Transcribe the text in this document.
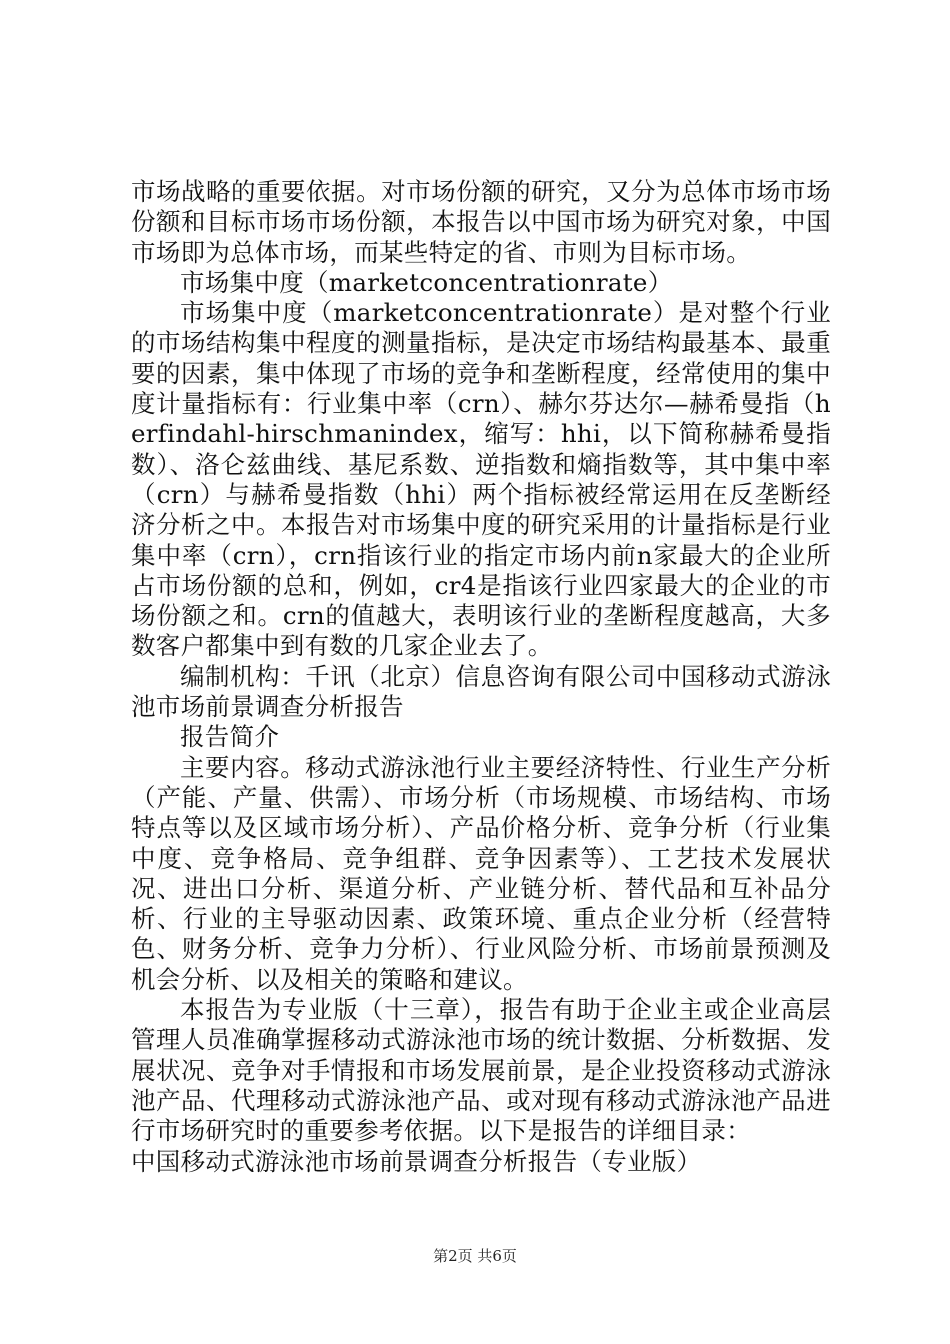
市场战略的重要依据。对市场份额的研究，又分为总体市场市场份额和目标市场市场份额，本报告以中国市场为研究对象，中国市场即为总体市场，而某些特定的省、市则为目标市场。

市场集中度（marketconcentrationrate）

市场集中度（marketconcentrationrate）是对整个行业的市场结构集中程度的测量指标，是决定市场结构最基本、最重要的因素，集中体现了市场的竞争和垄断程度，经常使用的集中度计量指标有：行业集中率（crn）、赫尔芬达尔—赫希曼指（herfindahl-hirschmanindex，缩写：hhi，以下简称赫希曼指数）、洛仑兹曲线、基尼系数、逆指数和熵指数等，其中集中率（crn）与赫希曼指数（hhi）两个指标被经常运用在反垄断经济分析之中。本报告对市场集中度的研究采用的计量指标是行业集中率（crn），crn指该行业的指定市场内前n家最大的企业所占市场份额的总和，例如，cr4是指该行业四家最大的企业的市场份额之和。crn的值越大，表明该行业的垄断程度越高，大多数客户都集中到有数的几家企业去了。

编制机构：千讯（北京）信息咨询有限公司中国移动式游泳池市场前景调查分析报告

报告简介

主要内容。移动式游泳池行业主要经济特性、行业生产分析（产能、产量、供需）、市场分析（市场规模、市场结构、市场特点等以及区域市场分析）、产品价格分析、竞争分析（行业集中度、竞争格局、竞争组群、竞争因素等）、工艺技术发展状况、进出口分析、渠道分析、产业链分析、替代品和互补品分析、行业的主导驱动因素、政策环境、重点企业分析（经营特色、财务分析、竞争力分析）、行业风险分析、市场前景预测及机会分析、以及相关的策略和建议。

本报告为专业版（十三章），报告有助于企业主或企业高层管理人员准确掌握移动式游泳池市场的统计数据、分析数据、发展状况、竞争对手情报和市场发展前景，是企业投资移动式游泳池产品、代理移动式游泳池产品、或对现有移动式游泳池产品进行市场研究时的重要参考依据。以下是报告的详细目录：

中国移动式游泳池市场前景调查分析报告（专业版）

第2页 共6页
